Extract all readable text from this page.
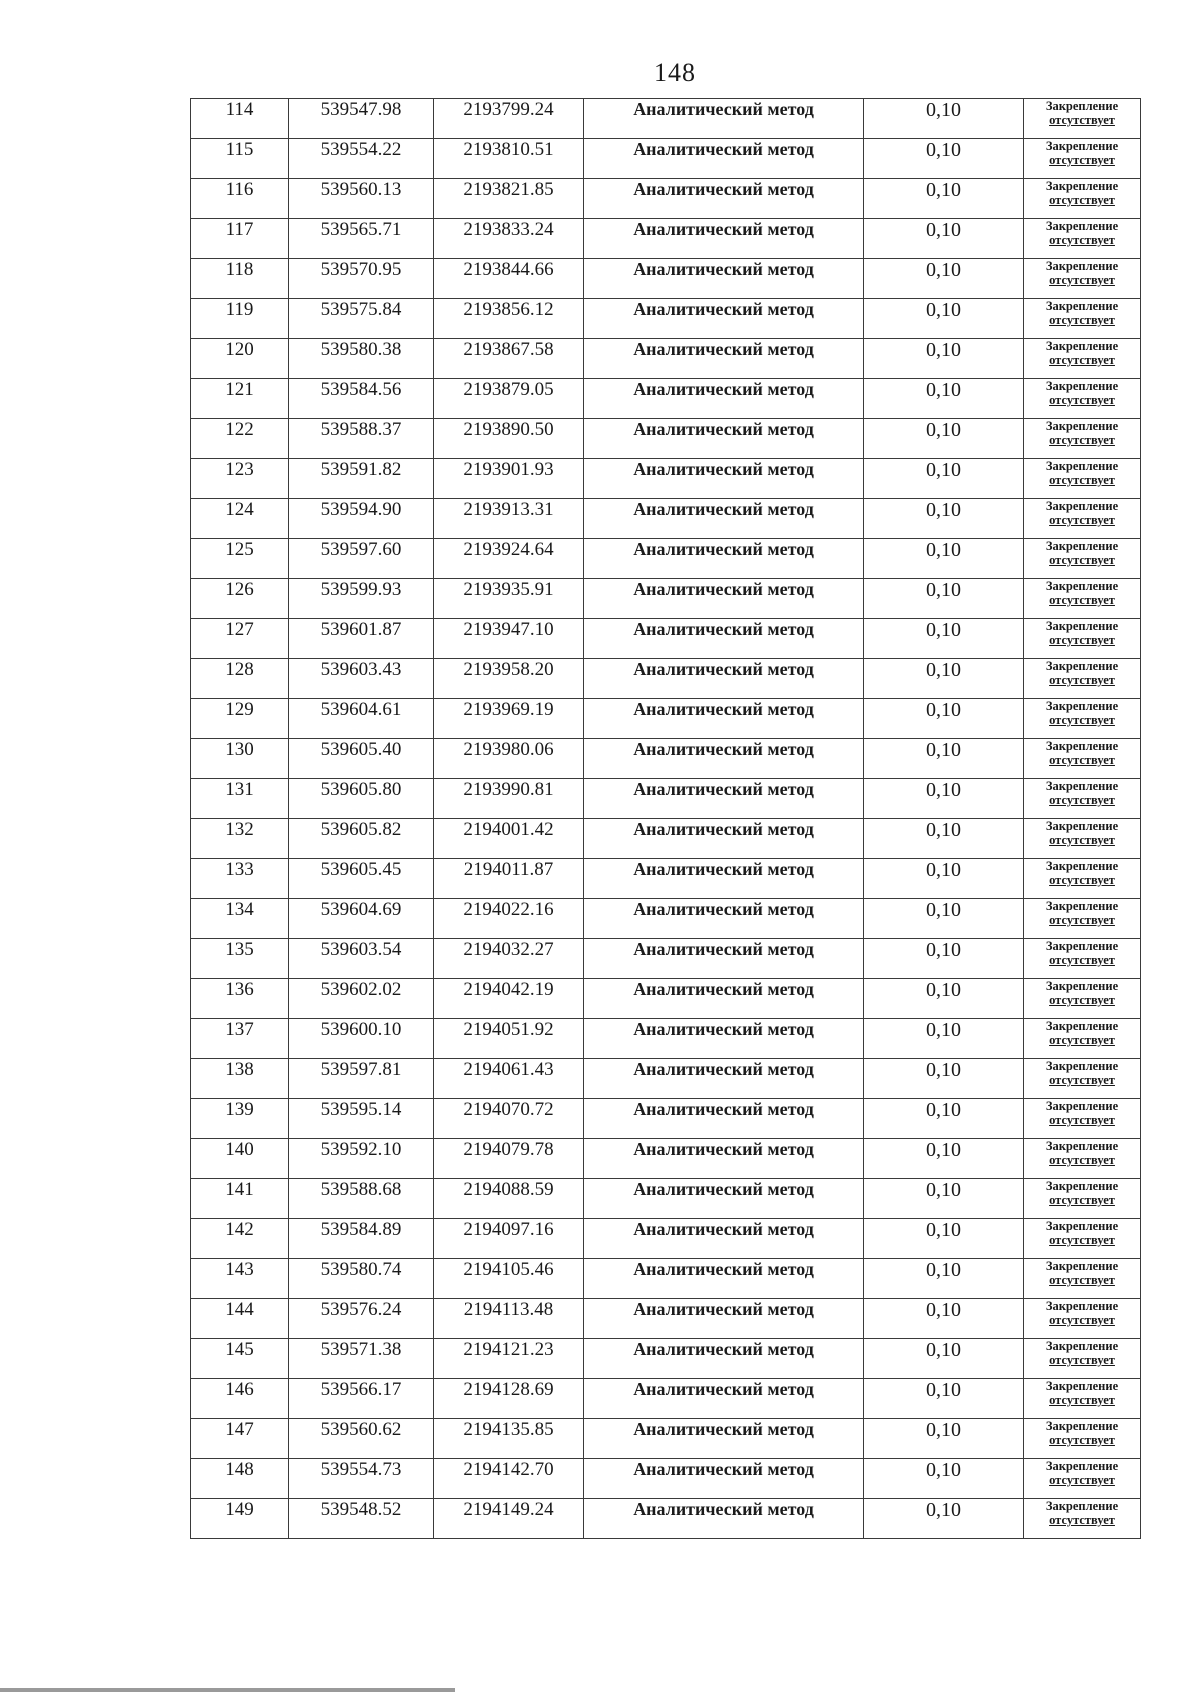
148
114	539547.98	2193799.24	Аналитический метод	0,10	Закрепление
отсутствует

115	539554.22	2193810.51	Аналитический метод	0,10	Закрепление
отсутствует

116	539560.13	2193821.85	Аналитический метод	0,10	Закрепление
отсутствует

117	539565.71	2193833.24	Аналитический метод	0,10	Закрепление
отсутствует

118	539570.95	2193844.66	Аналитический метод	0,10	Закрепление
отсутствует

119	539575.84	2193856.12	Аналитический метод	0,10	Закрепление
отсутствует

120	539580.38	2193867.58	Аналитический метод	0,10	Закрепление
отсутствует

121	539584.56	2193879.05	Аналитический метод	0,10	Закрепление
отсутствует

122	539588.37	2193890.50	Аналитический метод	0,10	Закрепление
отсутствует

123	539591.82	2193901.93	Аналитический метод	0,10	Закрепление
отсутствует

124	539594.90	2193913.31	Аналитический метод	0,10	Закрепление
отсутствует

125	539597.60	2193924.64	Аналитический метод	0,10	Закрепление
отсутствует

126	539599.93	2193935.91	Аналитический метод	0,10	Закрепление
отсутствует

127	539601.87	2193947.10	Аналитический метод	0,10	Закрепление
отсутствует

128	539603.43	2193958.20	Аналитический метод	0,10	Закрепление
отсутствует

129	539604.61	2193969.19	Аналитический метод	0,10	Закрепление
отсутствует

130	539605.40	2193980.06	Аналитический метод	0,10	Закрепление
отсутствует

131	539605.80	2193990.81	Аналитический метод	0,10	Закрепление
отсутствует

132	539605.82	2194001.42	Аналитический метод	0,10	Закрепление
отсутствует

133	539605.45	2194011.87	Аналитический метод	0,10	Закрепление
отсутствует

134	539604.69	2194022.16	Аналитический метод	0,10	Закрепление
отсутствует

135	539603.54	2194032.27	Аналитический метод	0,10	Закрепление
отсутствует

136	539602.02	2194042.19	Аналитический метод	0,10	Закрепление
отсутствует

137	539600.10	2194051.92	Аналитический метод	0,10	Закрепление
отсутствует

138	539597.81	2194061.43	Аналитический метод	0,10	Закрепление
отсутствует

139	539595.14	2194070.72	Аналитический метод	0,10	Закрепление
отсутствует

140	539592.10	2194079.78	Аналитический метод	0,10	Закрепление
отсутствует

141	539588.68	2194088.59	Аналитический метод	0,10	Закрепление
отсутствует

142	539584.89	2194097.16	Аналитический метод	0,10	Закрепление
отсутствует

143	539580.74	2194105.46	Аналитический метод	0,10	Закрепление
отсутствует

144	539576.24	2194113.48	Аналитический метод	0,10	Закрепление
отсутствует

145	539571.38	2194121.23	Аналитический метод	0,10	Закрепление
отсутствует

146	539566.17	2194128.69	Аналитический метод	0,10	Закрепление
отсутствует

147	539560.62	2194135.85	Аналитический метод	0,10	Закрепление
отсутствует

148	539554.73	2194142.70	Аналитический метод	0,10	Закрепление
отсутствует

149	539548.52	2194149.24	Аналитический метод	0,10	Закрепление
отсутствует
